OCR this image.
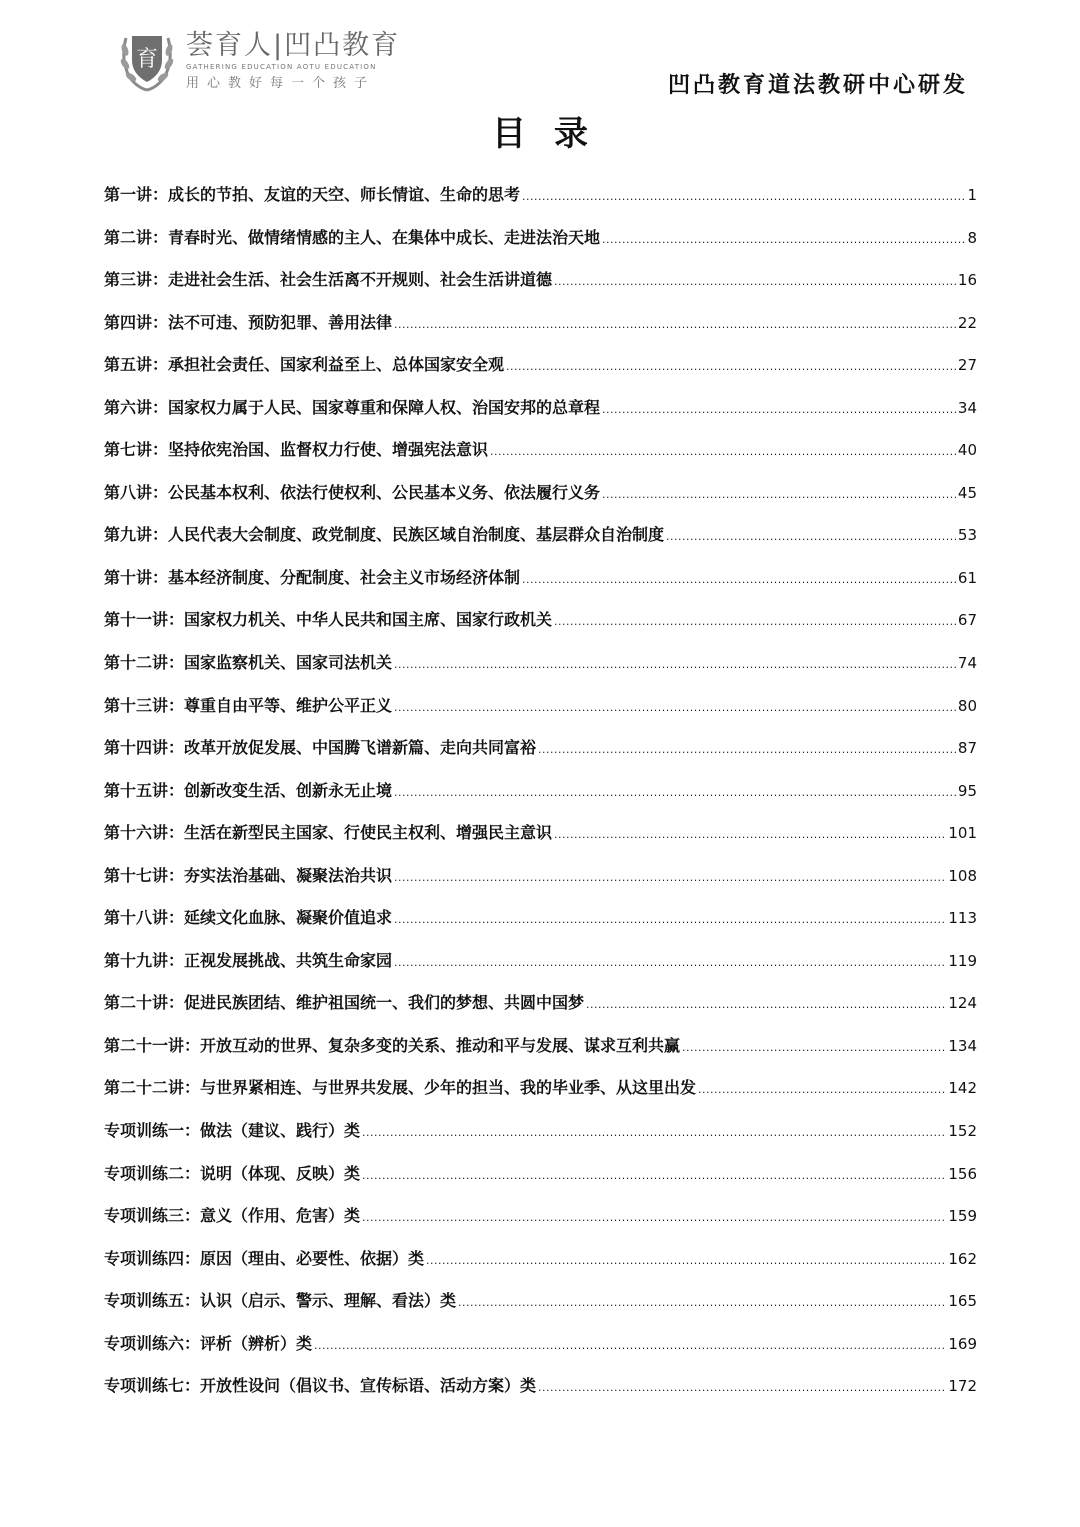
育 荟育人|凹凸教育
GATHERING EDUCATION AOTU EDUCATION
用心教好每一个孩子	凹凸教育道法教研中心研发
目录
第一讲：成长的节拍、友谊的天空、师长情谊、生命的思考 .....	1
第二讲：青春时光、做情绪情感的主人、在集体中成长、走进法治天地 .....	8
第三讲：走进社会生活、社会生活离不开规则、社会生活讲道德 .....	16
第四讲：法不可违、预防犯罪、善用法律 .....	22
第五讲：承担社会责任、国家利益至上、总体国家安全观 .....	27
第六讲：国家权力属于人民、国家尊重和保障人权、治国安邦的总章程 .....	34
第七讲：坚持依宪治国、监督权力行使、增强宪法意识 .....	40
第八讲：公民基本权利、依法行使权利、公民基本义务、依法履行义务 .....	45
第九讲：人民代表大会制度、政党制度、民族区域自治制度、基层群众自治制度 .....	53
第十讲：基本经济制度、分配制度、社会主义市场经济体制 .....	61
第十一讲：国家权力机关、中华人民共和国主席、国家行政机关 .....	67
第十二讲：国家监察机关、国家司法机关 .....	74
第十三讲：尊重自由平等、维护公平正义 .....	80
第十四讲：改革开放促发展、中国腾飞谱新篇、走向共同富裕 .....	87
第十五讲：创新改变生活、创新永无止境 .....	95
第十六讲：生活在新型民主国家、行使民主权利、增强民主意识 .....	101
第十七讲：夯实法治基础、凝聚法治共识 .....	108
第十八讲：延续文化血脉、凝聚价值追求 .....	113
第十九讲：正视发展挑战、共筑生命家园 .....	119
第二十讲：促进民族团结、维护祖国统一、我们的梦想、共圆中国梦 .....	124
第二十一讲：开放互动的世界、复杂多变的关系、推动和平与发展、谋求互利共赢 .....	134
第二十二讲：与世界紧相连、与世界共发展、少年的担当、我的毕业季、从这里出发 .....	142
专项训练一：做法（建议、践行）类 .....	152
专项训练二：说明（体现、反映）类 .....	156
专项训练三：意义（作用、危害）类 .....	159
专项训练四：原因（理由、必要性、依据）类 .....	162
专项训练五：认识（启示、警示、理解、看法）类 .....	165
专项训练六：评析（辨析）类 .....	169
专项训练七：开放性设问（倡议书、宣传标语、活动方案）类 .....	172
